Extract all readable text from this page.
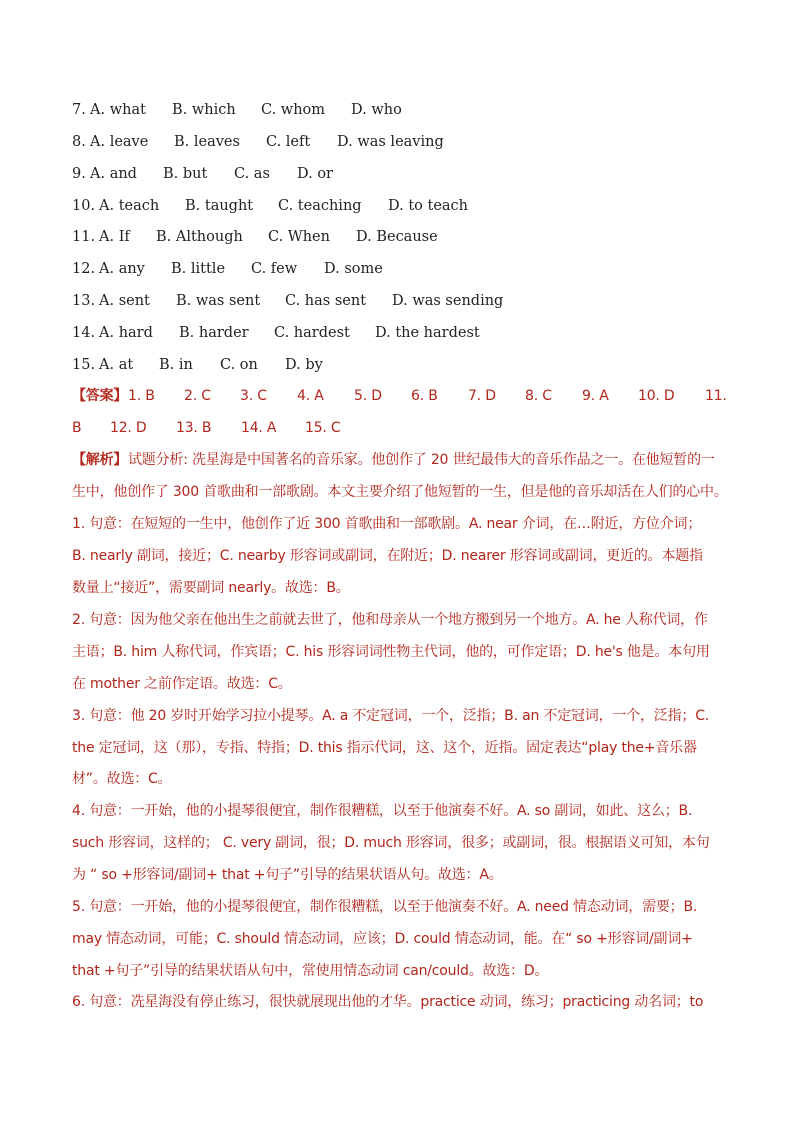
7. A. what B. which C. whom D. who
8. A. leave B. leaves C. left D. was leaving
9. A. and B. but C. as D. or
10. A. teach B. taught C. teaching D. to teach
11. A. If B. Although C. When D. Because
12. A. any B. little C. few D. some
13. A. sent B. was sent C. has sent D. was sending
14. A. hard B. harder C. hardest D. the hardest
15. A. at B. in C. on D. by
【答案】 1. B 2. C 3. C 4. A 5. D 6. B 7. D 8. C 9. A 10. D 11.
B 12. D 13. B 14. A 15. C
【解析】 试题分析: 冼星海是中国著名的音乐家。他创作了 20 世纪最伟大的音乐作品之一。在他短暂的一
生中，他创作了 300 首歌曲和一部歌剧。本文主要介绍了他短暂的一生，但是他的音乐却活在人们的心中。
1. 句意：在短短的一生中，他创作了近 300 首歌曲和一部歌剧。A. near 介词，在…附近，方位介词；
B. nearly 副词，接近；C. nearby 形容词或副词，在附近；D. nearer 形容词或副词，更近的。本题指
数量上“接近”，需要副词 nearly。故选：B。
2. 句意：因为他父亲在他出生之前就去世了，他和母亲从一个地方搬到另一个地方。A. he 人称代词，作
主语；B. him 人称代词，作宾语；C. his 形容词词性物主代词，他的，可作定语；D. he's 他是。本句用
在 mother 之前作定语。故选：C。
3. 句意：他 20 岁时开始学习拉小提琴。A. a 不定冠词，一个，泛指；B. an 不定冠词，一个，泛指；C.
the 定冠词，这（那），专指、特指；D. this 指示代词，这、这个，近指。固定表达“play the+音乐器
材”。故选：C。
4. 句意：一开始，他的小提琴很便宜，制作很糟糕，以至于他演奏不好。A. so 副词，如此、这么；B.
such 形容词，这样的； C. very 副词，很；D. much 形容词，很多；或副词，很。根据语义可知，本句
为 “ so +形容词/副词+ that +句子”引导的结果状语从句。故选：A。
5. 句意：一开始，他的小提琴很便宜，制作很糟糕，以至于他演奏不好。A. need 情态动词，需要；B.
may 情态动词，可能；C. should 情态动词，应该；D. could 情态动词，能。在“ so +形容词/副词+
that +句子”引导的结果状语从句中，常使用情态动词 can/could。故选：D。
6. 句意：冼星海没有停止练习，很快就展现出他的才华。practice 动词，练习；practicing 动名词；to
